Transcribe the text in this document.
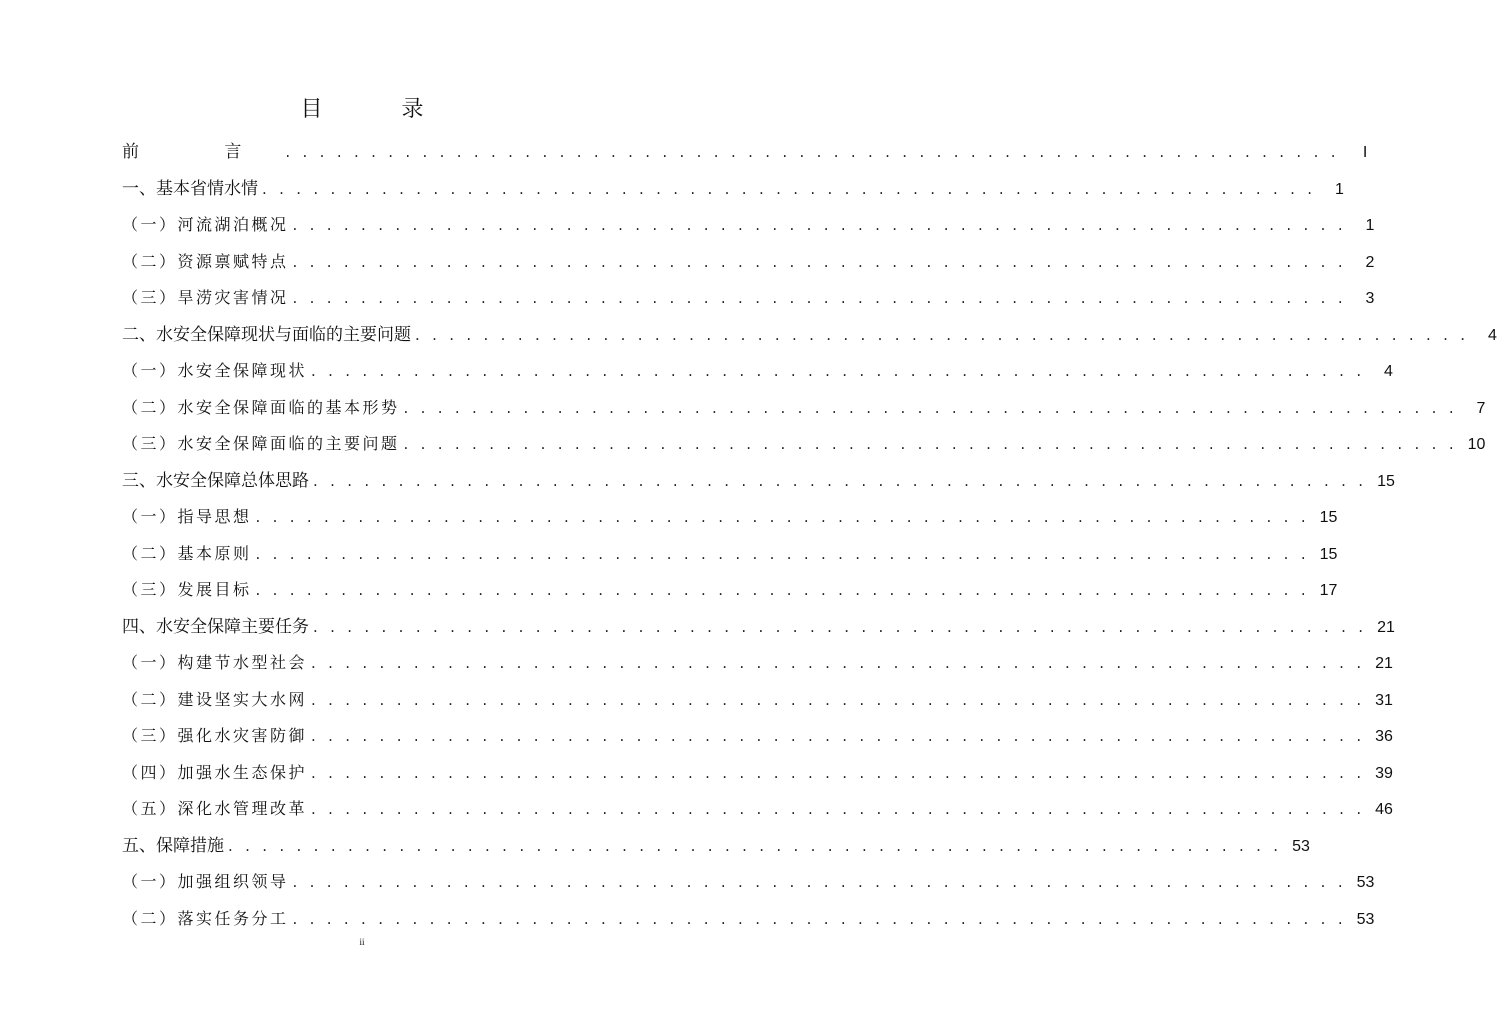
目 录
前 言 . . . . . . . . . . . . . . . . . . . . . . . . . . . . . . . . . . . . . . . . . . . . . . . . . . . . . . . . . . . . . .	I
一、基本省情水情 . . . . . . . . . . . . . . . . . . . . . . . . . . . . . . . . . . . . . . . . . . . . . . . . . . . . . . . . . . . . . .	1
（一）河流湖泊概况 . . . . . . . . . . . . . . . . . . . . . . . . . . . . . . . . . . . . . . . . . . . . . . . . . . . . . . . . . . . . . .	1
（二）资源禀赋特点 . . . . . . . . . . . . . . . . . . . . . . . . . . . . . . . . . . . . . . . . . . . . . . . . . . . . . . . . . . . . . .	2
（三）旱涝灾害情况 . . . . . . . . . . . . . . . . . . . . . . . . . . . . . . . . . . . . . . . . . . . . . . . . . . . . . . . . . . . . . .	3
二、水安全保障现状与面临的主要问题 . . . . . . . . . . . . . . . . . . . . . . . . . . . . . . . . . . . . . . . . . . . . . . . . . . . . . . . . . . . . . .	4
（一）水安全保障现状 . . . . . . . . . . . . . . . . . . . . . . . . . . . . . . . . . . . . . . . . . . . . . . . . . . . . . . . . . . . . . .	4
（二）水安全保障面临的基本形势 . . . . . . . . . . . . . . . . . . . . . . . . . . . . . . . . . . . . . . . . . . . . . . . . . . . . . . . . . . . . . .	7
（三）水安全保障面临的主要问题 . . . . . . . . . . . . . . . . . . . . . . . . . . . . . . . . . . . . . . . . . . . . . . . . . . . . . . . . . . . . . . 10
三、水安全保障总体思路 . . . . . . . . . . . . . . . . . . . . . . . . . . . . . . . . . . . . . . . . . . . . . . . . . . . . . . . . . . . . . . 15
（一）指导思想 . . . . . . . . . . . . . . . . . . . . . . . . . . . . . . . . . . . . . . . . . . . . . . . . . . . . . . . . . . . . . . 15
（二）基本原则 . . . . . . . . . . . . . . . . . . . . . . . . . . . . . . . . . . . . . . . . . . . . . . . . . . . . . . . . . . . . . . 15
（三）发展目标 . . . . . . . . . . . . . . . . . . . . . . . . . . . . . . . . . . . . . . . . . . . . . . . . . . . . . . . . . . . . . . 17
四、水安全保障主要任务 . . . . . . . . . . . . . . . . . . . . . . . . . . . . . . . . . . . . . . . . . . . . . . . . . . . . . . . . . . . . . . 21
（一）构建节水型社会 . . . . . . . . . . . . . . . . . . . . . . . . . . . . . . . . . . . . . . . . . . . . . . . . . . . . . . . . . . . . . . 21
（二）建设坚实大水网 . . . . . . . . . . . . . . . . . . . . . . . . . . . . . . . . . . . . . . . . . . . . . . . . . . . . . . . . . . . . . . 31
（三）强化水灾害防御 . . . . . . . . . . . . . . . . . . . . . . . . . . . . . . . . . . . . . . . . . . . . . . . . . . . . . . . . . . . . . . 36
（四）加强水生态保护 . . . . . . . . . . . . . . . . . . . . . . . . . . . . . . . . . . . . . . . . . . . . . . . . . . . . . . . . . . . . . . 39
（五）深化水管理改革 . . . . . . . . . . . . . . . . . . . . . . . . . . . . . . . . . . . . . . . . . . . . . . . . . . . . . . . . . . . . . . 46
五、保障措施 . . . . . . . . . . . . . . . . . . . . . . . . . . . . . . . . . . . . . . . . . . . . . . . . . . . . . . . . . . . . . . 53
（一）加强组织领导 . . . . . . . . . . . . . . . . . . . . . . . . . . . . . . . . . . . . . . . . . . . . . . . . . . . . . . . . . . . . . . 53
（二）落实任务分工 . . . . . . . . . . . . . . . . . . . . . . . . . . . . . . . . . . . . . . . . . . . . . . . . . . . . . . . . . . . . . . 53
ii
